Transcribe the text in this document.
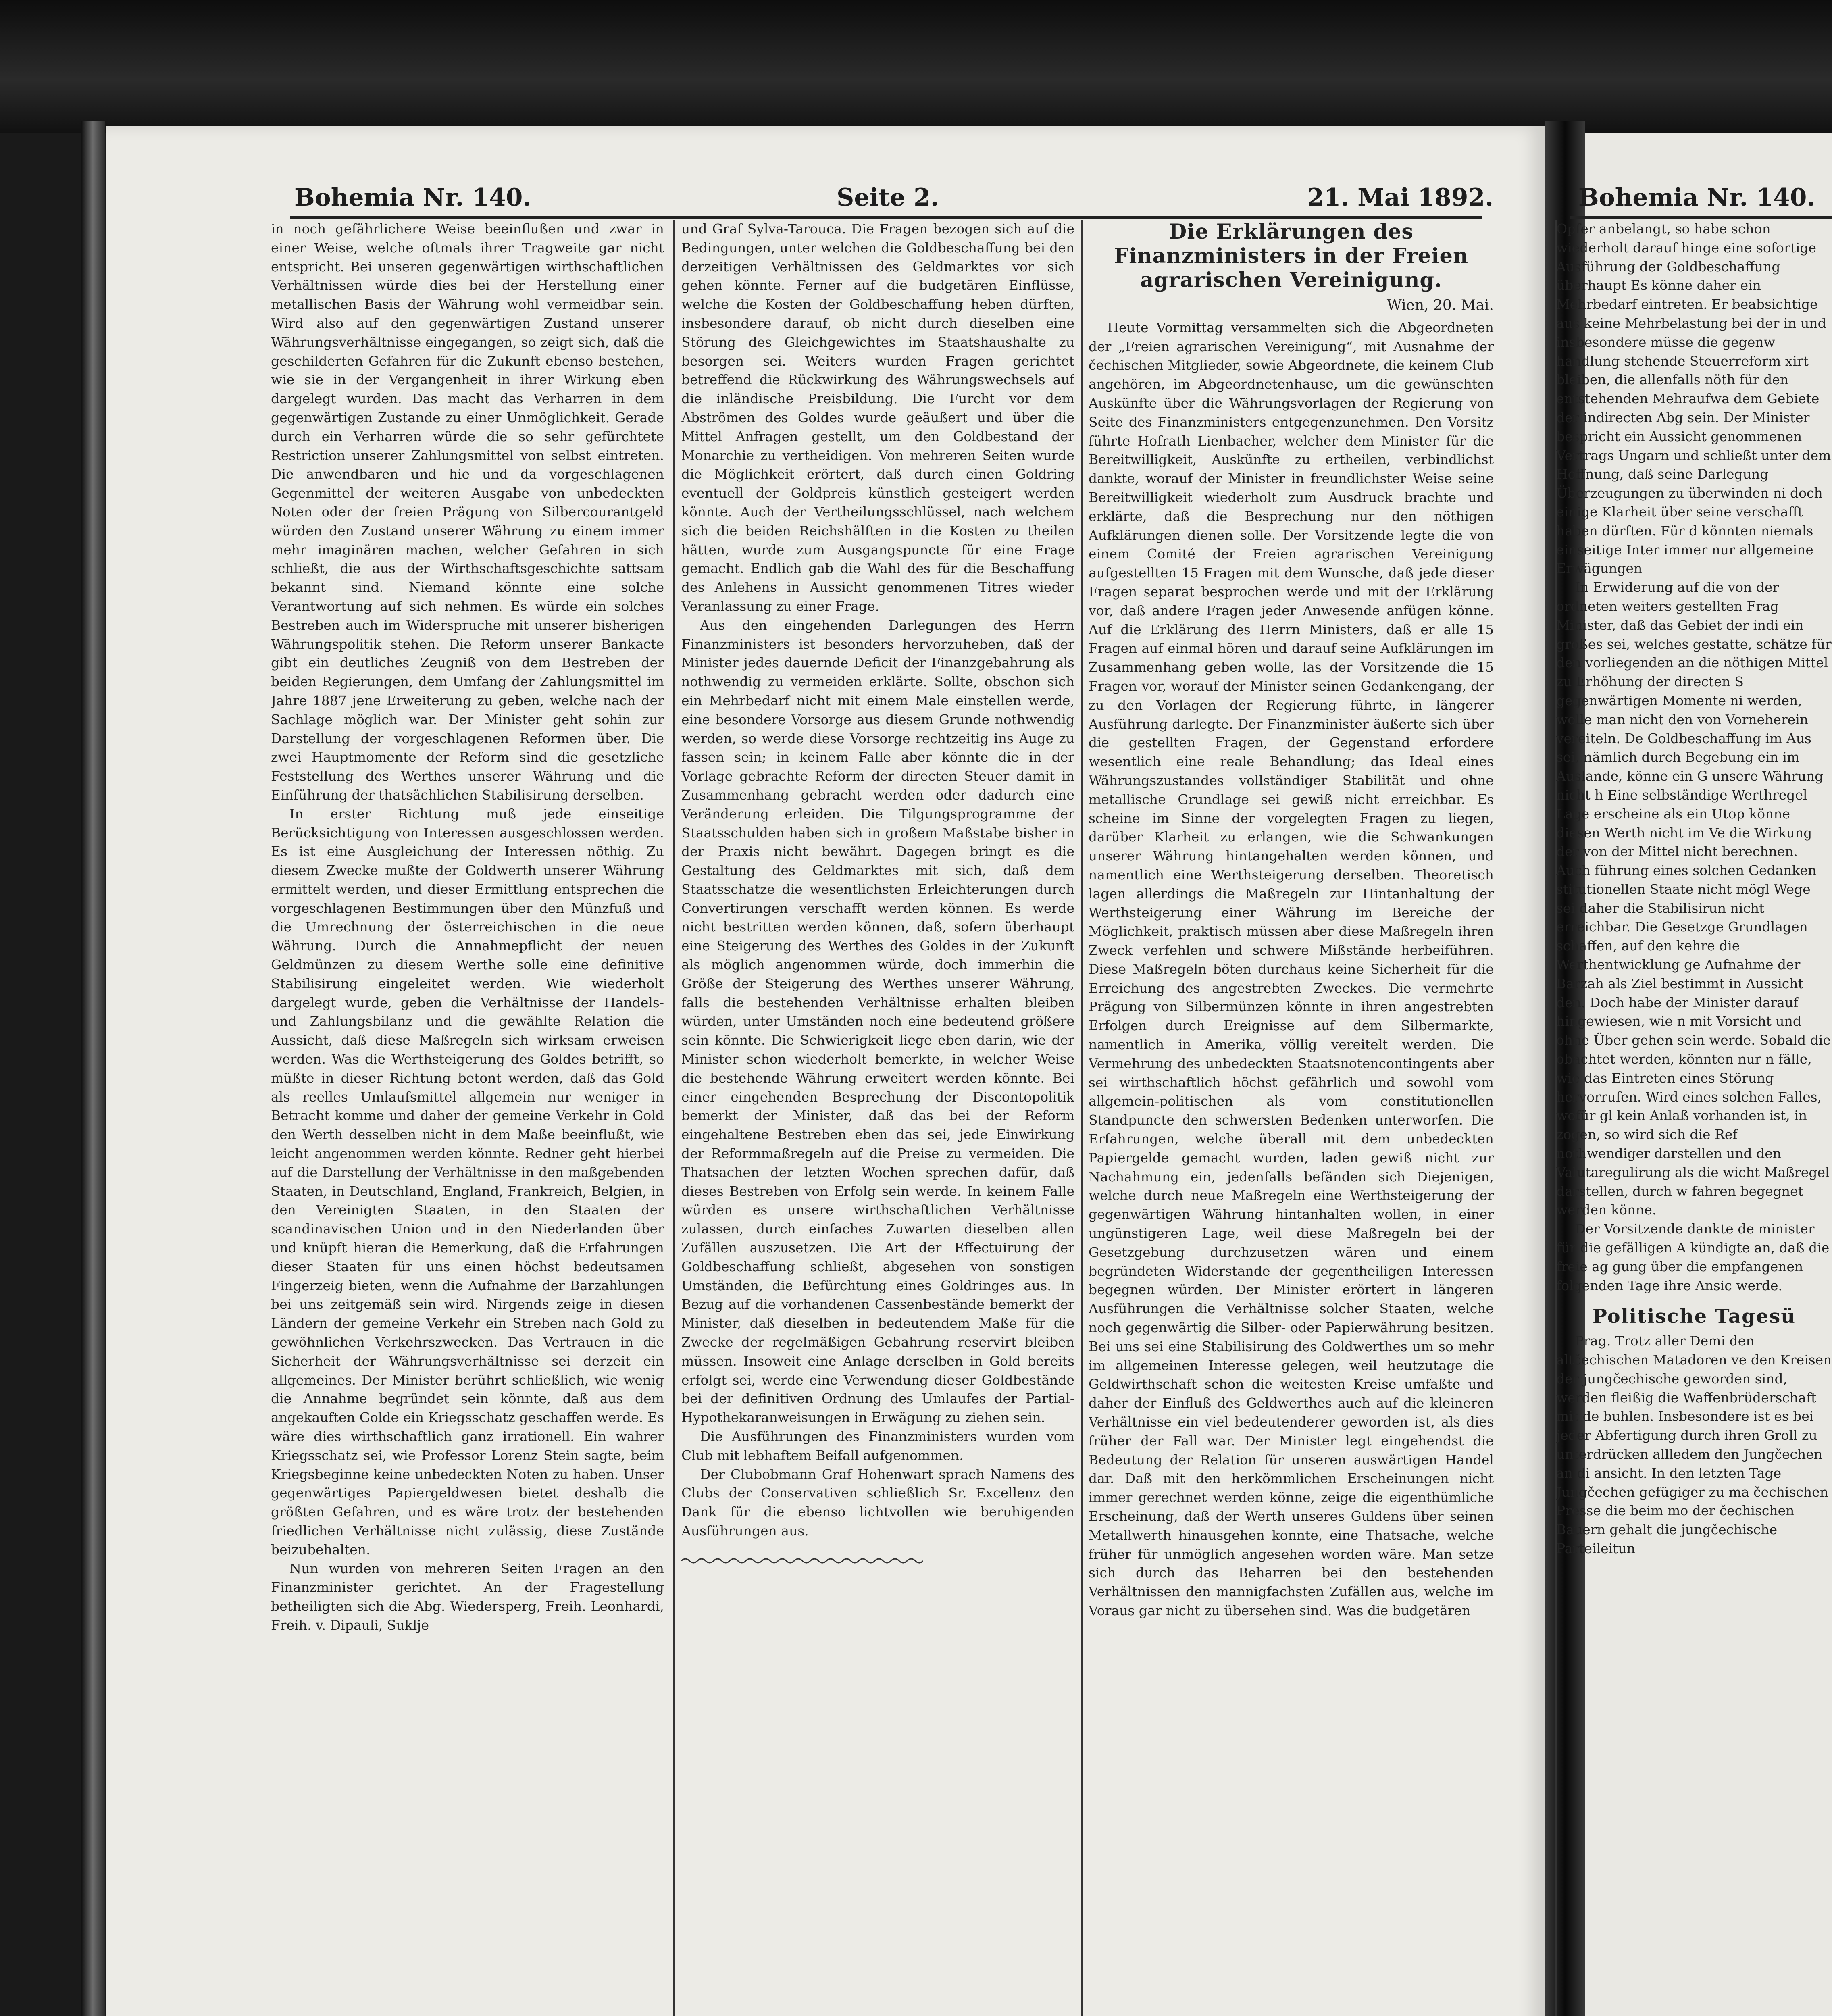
Bohemia Nr. 140.	Seite 2.	21. Mai 1892.	Bohemia Nr. 140.

in noch gefährlichere Weise beeinflußen und zwar in einer Weise, welche oftmals ihrer Tragweite gar nicht entspricht. Bei unseren gegenwärtigen wirthschaftlichen Verhältnissen würde dies bei der Herstellung einer metallischen Basis der Währung wohl vermeidbar sein. Wird also auf den gegenwärtigen Zustand unserer Währungsverhältnisse eingegangen, so zeigt sich, daß die geschilderten Gefahren für die Zukunft ebenso bestehen, wie sie in der Vergangenheit in ihrer Wirkung eben dargelegt wurden. Das macht das Verharren in dem gegenwärtigen Zustande zu einer Unmöglichkeit. Gerade durch ein Verharren würde die so sehr gefürchtete Restriction unserer Zahlungsmittel von selbst eintreten. Die anwendbaren und hie und da vorgeschlagenen Gegenmittel der weiteren Ausgabe von unbedeckten Noten oder der freien Prägung von Silbercourantgeld würden den Zustand unserer Währung zu einem immer mehr imaginären machen, welcher Gefahren in sich schließt, die aus der Wirthschaftsgeschichte sattsam bekannt sind. Niemand könnte eine solche Verantwortung auf sich nehmen. Es würde ein solches Bestreben auch im Widerspruche mit unserer bisherigen Währungspolitik stehen. Die Reform unserer Bankacte gibt ein deutliches Zeugniß von dem Bestreben der beiden Regierungen, dem Umfang der Zahlungsmittel im Jahre 1887 jene Erweiterung zu geben, welche nach der Sachlage möglich war. Der Minister geht sohin zur Darstellung der vorgeschlagenen Reformen über. Die zwei Hauptmomente der Reform sind die gesetzliche Feststellung des Werthes unserer Währung und die Einführung der thatsächlichen Stabilisirung derselben.

In erster Richtung muß jede einseitige Berücksichtigung von Interessen ausgeschlossen werden. Es ist eine Ausgleichung der Interessen nöthig. Zu diesem Zwecke mußte der Goldwerth unserer Währung ermittelt werden, und dieser Ermittlung entsprechen die vorgeschlagenen Bestimmungen über den Münzfuß und die Umrechnung der österreichischen in die neue Währung. Durch die Annahmepflicht der neuen Geldmünzen zu diesem Werthe solle eine definitive Stabilisirung eingeleitet werden. Wie wiederholt dargelegt wurde, geben die Verhältnisse der Handels- und Zahlungsbilanz und die gewählte Relation die Aussicht, daß diese Maßregeln sich wirksam erweisen werden. Was die Werthsteigerung des Goldes betrifft, so müßte in dieser Richtung betont werden, daß das Gold als reelles Umlaufsmittel allgemein nur weniger in Betracht komme und daher der gemeine Verkehr in Gold den Werth desselben nicht in dem Maße beeinflußt, wie leicht angenommen werden könnte. Redner geht hierbei auf die Darstellung der Verhältnisse in den maßgebenden Staaten, in Deutschland, England, Frankreich, Belgien, in den Vereinigten Staaten, in den Staaten der scandinavischen Union und in den Niederlanden über und knüpft hieran die Bemerkung, daß die Erfahrungen dieser Staaten für uns einen höchst bedeutsamen Fingerzeig bieten, wenn die Aufnahme der Barzahlungen bei uns zeitgemäß sein wird. Nirgends zeige in diesen Ländern der gemeine Verkehr ein Streben nach Gold zu gewöhnlichen Verkehrszwecken. Das Vertrauen in die Sicherheit der Währungsverhältnisse sei derzeit ein allgemeines. Der Minister berührt schließlich, wie wenig die Annahme begründet sein könnte, daß aus dem angekauften Golde ein Kriegsschatz geschaffen werde. Es wäre dies wirthschaftlich ganz irrationell. Ein wahrer Kriegsschatz sei, wie Professor Lorenz Stein sagte, beim Kriegsbeginne keine unbedeckten Noten zu haben. Unser gegenwärtiges Papiergeldwesen bietet deshalb die größten Gefahren, und es wäre trotz der bestehenden friedlichen Verhältnisse nicht zulässig, diese Zustände beizubehalten.

Nun wurden von mehreren Seiten Fragen an den Finanzminister gerichtet. An der Fragestellung betheiligten sich die Abg. Wiedersperg, Freih. Leonhardi, Freih. v. Dipauli, Suklje

und Graf Sylva-Tarouca. Die Fragen bezogen sich auf die Bedingungen, unter welchen die Goldbeschaffung bei den derzeitigen Verhältnissen des Geldmarktes vor sich gehen könnte. Ferner auf die budgetären Einflüsse, welche die Kosten der Goldbeschaffung heben dürften, insbesondere darauf, ob nicht durch dieselben eine Störung des Gleichgewichtes im Staatshaushalte zu besorgen sei. Weiters wurden Fragen gerichtet betreffend die Rückwirkung des Währungswechsels auf die inländische Preisbildung. Die Furcht vor dem Abströmen des Goldes wurde geäußert und über die Mittel Anfragen gestellt, um den Goldbestand der Monarchie zu vertheidigen. Von mehreren Seiten wurde die Möglichkeit erörtert, daß durch einen Goldring eventuell der Goldpreis künstlich gesteigert werden könnte. Auch der Vertheilungsschlüssel, nach welchem sich die beiden Reichshälften in die Kosten zu theilen hätten, wurde zum Ausgangspuncte für eine Frage gemacht. Endlich gab die Wahl des für die Beschaffung des Anlehens in Aussicht genommenen Titres wieder Veranlassung zu einer Frage.

Aus den eingehenden Darlegungen des Herrn Finanzministers ist besonders hervorzuheben, daß der Minister jedes dauernde Deficit der Finanzgebahrung als nothwendig zu vermeiden erklärte. Sollte, obschon sich ein Mehrbedarf nicht mit einem Male einstellen werde, eine besondere Vorsorge aus diesem Grunde nothwendig werden, so werde diese Vorsorge rechtzeitig ins Auge zu fassen sein; in keinem Falle aber könnte die in der Vorlage gebrachte Reform der directen Steuer damit in Zusammenhang gebracht werden oder dadurch eine Veränderung erleiden. Die Tilgungsprogramme der Staatsschulden haben sich in großem Maßstabe bisher in der Praxis nicht bewährt. Dagegen bringt es die Gestaltung des Geldmarktes mit sich, daß dem Staatsschatze die wesentlichsten Erleichterungen durch Convertirungen verschafft werden können. Es werde nicht bestritten werden können, daß, sofern überhaupt eine Steigerung des Werthes des Goldes in der Zukunft als möglich angenommen würde, doch immerhin die Größe der Steigerung des Werthes unserer Währung, falls die bestehenden Verhältnisse erhalten bleiben würden, unter Umständen noch eine bedeutend größere sein könnte. Die Schwierigkeit liege eben darin, wie der Minister schon wiederholt bemerkte, in welcher Weise die bestehende Währung erweitert werden könnte. Bei einer eingehenden Besprechung der Discontopolitik bemerkt der Minister, daß das bei der Reform eingehaltene Bestreben eben das sei, jede Einwirkung der Reformmaßregeln auf die Preise zu vermeiden. Die Thatsachen der letzten Wochen sprechen dafür, daß dieses Bestreben von Erfolg sein werde. In keinem Falle würden es unsere wirthschaftlichen Verhältnisse zulassen, durch einfaches Zuwarten dieselben allen Zufällen auszusetzen. Die Art der Effectuirung der Goldbeschaffung schließt, abgesehen von sonstigen Umständen, die Befürchtung eines Goldringes aus. In Bezug auf die vorhandenen Cassenbestände bemerkt der Minister, daß dieselben in bedeutendem Maße für die Zwecke der regelmäßigen Gebahrung reservirt bleiben müssen. Insoweit eine Anlage derselben in Gold bereits erfolgt sei, werde eine Verwendung dieser Goldbestände bei der definitiven Ordnung des Umlaufes der Partial-Hypothekaranweisungen in Erwägung zu ziehen sein.

Die Ausführungen des Finanzministers wurden vom Club mit lebhaftem Beifall aufgenommen.

Der Clubobmann Graf Hohenwart sprach Namens des Clubs der Conservativen schließlich Sr. Excellenz den Dank für die ebenso lichtvollen wie beruhigenden Ausführungen aus.

Die Erklärungen des Finanzministers in der Freien agrarischen Vereinigung.
Wien, 20. Mai.

Heute Vormittag versammelten sich die Abgeordneten der „Freien agrarischen Vereinigung“, mit Ausnahme der čechischen Mitglieder, sowie Abgeordnete, die keinem Club angehören, im Abgeordnetenhause, um die gewünschten Auskünfte über die Währungsvorlagen der Regierung von Seite des Finanzministers entgegenzunehmen. Den Vorsitz führte Hofrath Lienbacher, welcher dem Minister für die Bereitwilligkeit, Auskünfte zu ertheilen, verbindlichst dankte, worauf der Minister in freundlichster Weise seine Bereitwilligkeit wiederholt zum Ausdruck brachte und erklärte, daß die Besprechung nur den nöthigen Aufklärungen dienen solle. Der Vorsitzende legte die von einem Comité der Freien agrarischen Vereinigung aufgestellten 15 Fragen mit dem Wunsche, daß jede dieser Fragen separat besprochen werde und mit der Erklärung vor, daß andere Fragen jeder Anwesende anfügen könne. Auf die Erklärung des Herrn Ministers, daß er alle 15 Fragen auf einmal hören und darauf seine Aufklärungen im Zusammenhang geben wolle, las der Vorsitzende die 15 Fragen vor, worauf der Minister seinen Gedankengang, der zu den Vorlagen der Regierung führte, in längerer Ausführung darlegte. Der Finanzminister äußerte sich über die gestellten Fragen, der Gegenstand erfordere wesentlich eine reale Behandlung; das Ideal eines Währungszustandes vollständiger Stabilität und ohne metallische Grundlage sei gewiß nicht erreichbar. Es scheine im Sinne der vorgelegten Fragen zu liegen, darüber Klarheit zu erlangen, wie die Schwankungen unserer Währung hintangehalten werden können, und namentlich eine Werthsteigerung derselben. Theoretisch lagen allerdings die Maßregeln zur Hintanhaltung der Werthsteigerung einer Währung im Bereiche der Möglichkeit, praktisch müssen aber diese Maßregeln ihren Zweck verfehlen und schwere Mißstände herbeiführen. Diese Maßregeln böten durchaus keine Sicherheit für die Erreichung des angestrebten Zweckes. Die vermehrte Prägung von Silbermünzen könnte in ihren angestrebten Erfolgen durch Ereignisse auf dem Silbermarkte, namentlich in Amerika, völlig vereitelt werden. Die Vermehrung des unbedeckten Staatsnotencontingents aber sei wirthschaftlich höchst gefährlich und sowohl vom allgemein-politischen als vom constitutionellen Standpuncte den schwersten Bedenken unterworfen. Die Erfahrungen, welche überall mit dem unbedeckten Papiergelde gemacht wurden, laden gewiß nicht zur Nachahmung ein, jedenfalls befänden sich Diejenigen, welche durch neue Maßregeln eine Werthsteigerung der gegenwärtigen Währung hintanhalten wollen, in einer ungünstigeren Lage, weil diese Maßregeln bei der Gesetzgebung durchzusetzen wären und einem begründeten Widerstande der gegentheiligen Interessen begegnen würden. Der Minister erörtert in längeren Ausführungen die Verhältnisse solcher Staaten, welche noch gegenwärtig die Silber- oder Papierwährung besitzen. Bei uns sei eine Stabilisirung des Goldwerthes um so mehr im allgemeinen Interesse gelegen, weil heutzutage die Geldwirthschaft schon die weitesten Kreise umfaßte und daher der Einfluß des Geldwerthes auch auf die kleineren Verhältnisse ein viel bedeutenderer geworden ist, als dies früher der Fall war. Der Minister legt eingehendst die Bedeutung der Relation für unseren auswärtigen Handel dar. Daß mit den herkömmlichen Erscheinungen nicht immer gerechnet werden könne, zeige die eigenthümliche Erscheinung, daß der Werth unseres Guldens über seinen Metallwerth hinausgehen konnte, eine Thatsache, welche früher für unmöglich angesehen worden wäre. Man setze sich durch das Beharren bei den bestehenden Verhältnissen den mannigfachsten Zufällen aus, welche im Voraus gar nicht zu übersehen sind. Was die budgetären

Opfer anbelangt, so habe schon wiederholt darauf hinge eine sofortige Ausführung der Goldbeschaffung überhaupt Es könne daher ein Mehrbedarf eintreten. Er beabsichtige aus keine Mehrbelastung bei der in und insbesondere müsse die gegenw handlung stehende Steuerreform xirt bleiben, die allenfalls nöth für den entstehenden Mehraufwa dem Gebiete der indirecten Abg sein. Der Minister bespricht ein Aussicht genommenen Vertrags Ungarn und schließt unter dem Hoffnung, daß seine Darlegung Überzeugungen zu überwinden ni doch einige Klarheit über seine verschafft haben dürften. Für d könnten niemals einseitige Inter immer nur allgemeine Erwägungen

In Erwiderung auf die von der ordneten weiters gestellten Frag Minister, daß das Gebiet der indi ein großes sei, welches gestatte, schätze für den vorliegenden an die nöthigen Mittel zu Erhöhung der directen S gegenwärtigen Momente ni werden, wolle man nicht den von Vorneherein vereiteln. De Goldbeschaffung im Aus sei, nämlich durch Begebung ein im Auslande, könne ein G unsere Währung nicht h Eine selbständige Werthregel Lage erscheine als ein Utop könne diesen Werth nicht im Ve die Wirkung der von der Mittel nicht berechnen. Auch führung eines solchen Gedanken stitutionellen Staate nicht mögl Wege sei daher die Stabilisirun nicht erreichbar. Die Gesetzge Grundlagen schaffen, auf den kehre die Werthentwicklung ge Aufnahme der Barzah als Ziel bestimmt in Aussicht den. Doch habe der Minister darauf hingewiesen, wie n mit Vorsicht und ohne Über gehen sein werde. Sobald die obachtet werden, könnten nur n fälle, wie das Eintreten eines Störung hervorrufen. Wird eines solchen Falles, wofür gl kein Anlaß vorhanden ist, in zogen, so wird sich die Ref nothwendiger darstellen und den Valutaregulirung als die wicht Maßregel darstellen, durch w fahren begegnet werden könne.

Der Vorsitzende dankte de minister für die gefälligen A kündigte an, daß die freie ag gung über die empfangenen folgenden Tage ihre Ansic werde.

Politische Tagesü

Prag. Trotz aller Demi den altčechischen Matadoren ve den Kreisen der jungčechische geworden sind, werden fleißig die Waffenbrüderschaft mit de buhlen. Insbesondere ist es bei jeder Abfertigung durch ihren Groll zu unterdrücken allledem den Jungčechen an di ansicht. In den letzten Tage Jungčechen gefügiger zu ma čechischen Presse die beim mo der čechischen Bauern gehalt die jungčechische Parteileitun
